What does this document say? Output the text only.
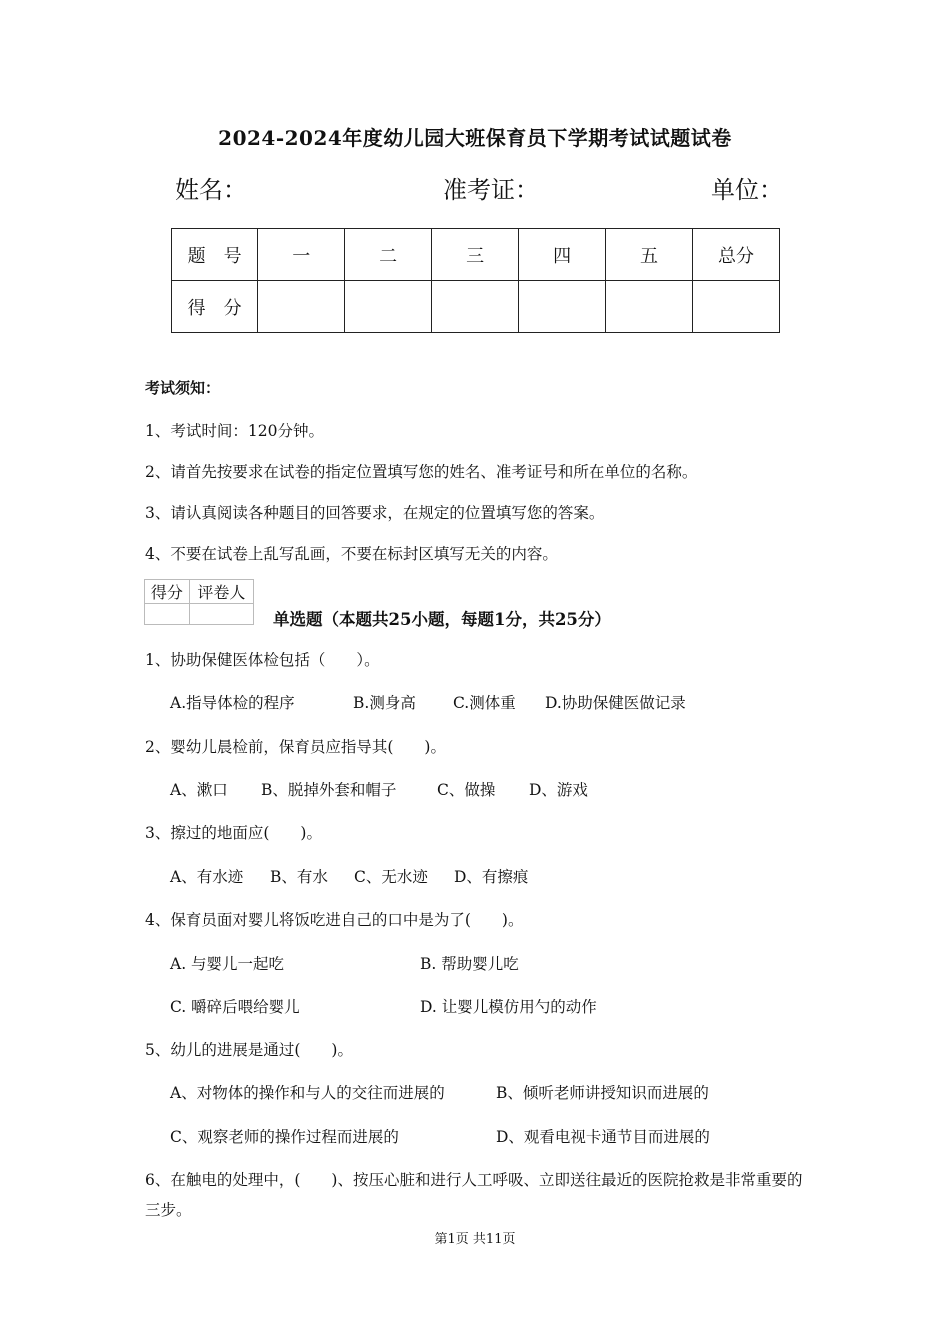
2024-2024年度幼儿园大班保育员下学期考试试题试卷
姓名：	准考证：	单位：
题　号	一	二	三	四	五	总分
得　分						
考试须知：
1、考试时间：120分钟。
2、请首先按要求在试卷的指定位置填写您的姓名、准考证号和所在单位的名称。
3、请认真阅读各种题目的回答要求，在规定的位置填写您的答案。
4、不要在试卷上乱写乱画，不要在标封区填写无关的内容。
得分	评卷人

单选题（本题共25小题，每题1分，共25分）
1、协助保健医体检包括（　　）。
A.指导体检的程序	B.测身高 C.测体重 D.协助保健医做记录
2、婴幼儿晨检前，保育员应指导其(　　)。
A、漱口 B、脱掉外套和帽子	C、做操 D、游戏
3、擦过的地面应(　　)。
A、有水迹 B、有水 C、无水迹 D、有擦痕
4、保育员面对婴儿将饭吃进自己的口中是为了(　　)。
A. 与婴儿一起吃	B. 帮助婴儿吃
C. 嚼碎后喂给婴儿	D. 让婴儿模仿用勺的动作
5、幼儿的进展是通过(　　)。
A、对物体的操作和与人的交往而进展的	B、倾听老师讲授知识而进展的
C、观察老师的操作过程而进展的	D、观看电视卡通节目而进展的
6、在触电的处理中，(　　)、按压心脏和进行人工呼吸、立即送往最近的医院抢救是非常重要的三步。
第1页 共11页
